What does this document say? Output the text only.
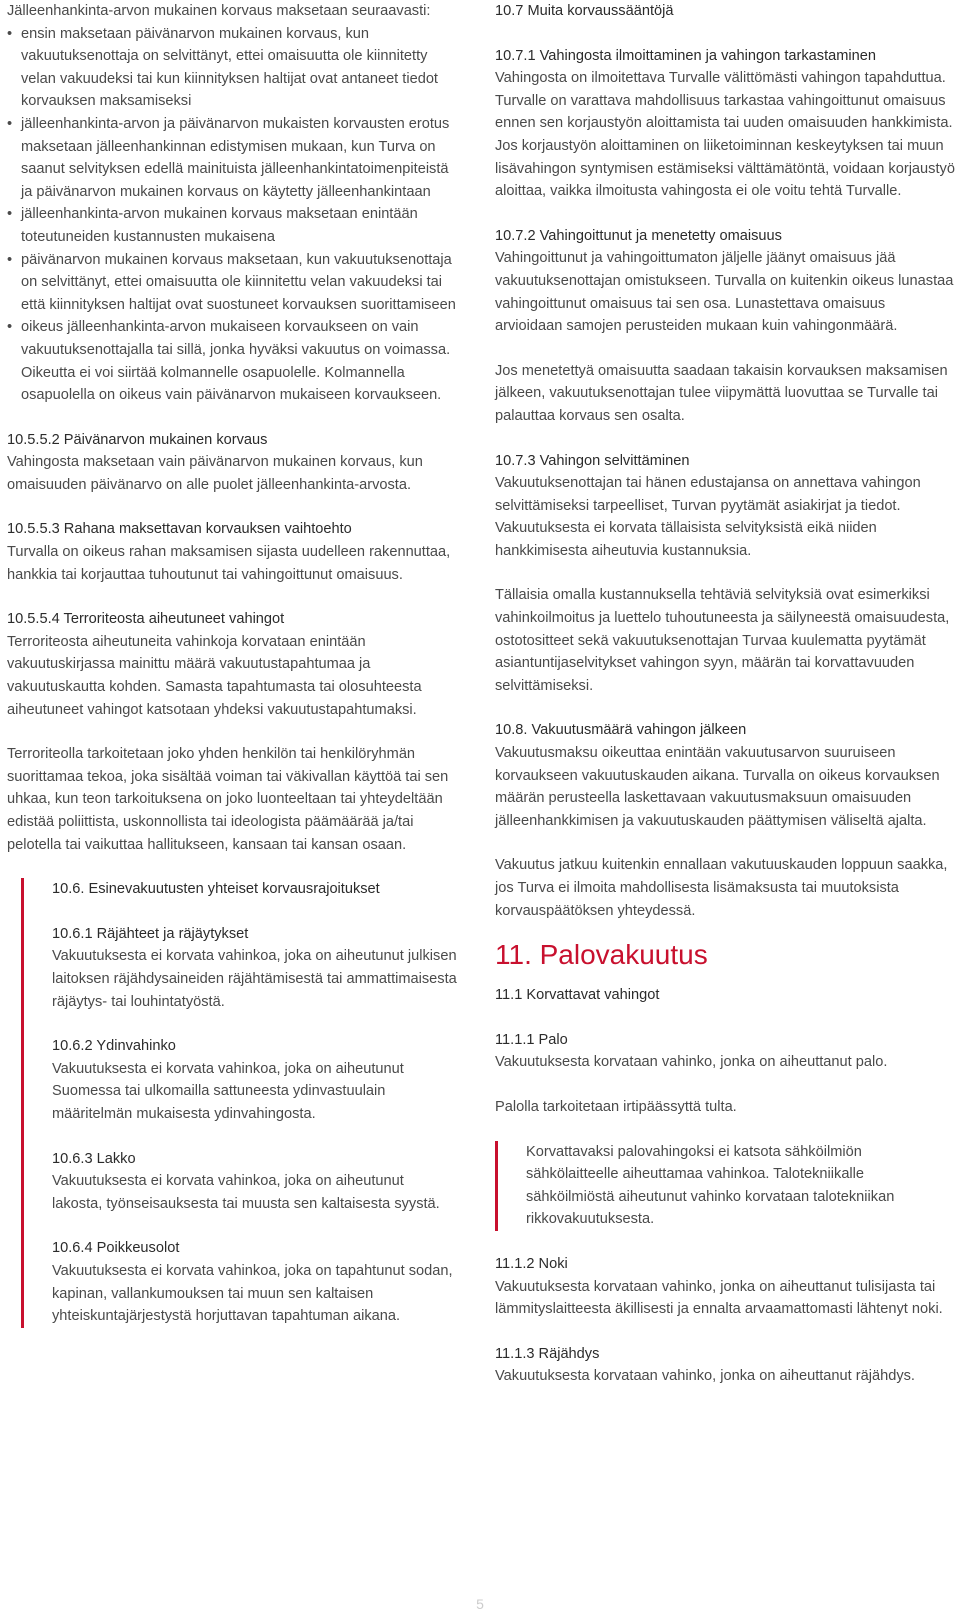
Jälleenhankinta-arvon mukainen korvaus maksetaan seuraavasti:

• ensin maksetaan päivänarvon mukainen korvaus, kun vakuutuksenottaja on selvittänyt, ettei omaisuutta ole kiinnitetty velan vakuudeksi tai kun kiinnityksen haltijat ovat antaneet tiedot korvauksen maksamiseksi
• jälleenhankinta-arvon ja päivänarvon mukaisten korvausten erotus maksetaan jälleenhankinnan edistymisen mukaan, kun Turva on saanut selvityksen edellä mainituista jälleenhankintatoimenpiteistä ja päivänarvon mukainen korvaus on käytetty jälleenhankintaan
• jälleenhankinta-arvon mukainen korvaus maksetaan enintään toteutuneiden kustannusten mukaisena
• päivänarvon mukainen korvaus maksetaan, kun vakuutuksenottaja on selvittänyt, ettei omaisuutta ole kiinnitettu velan vakuudeksi tai että kiinnityksen haltijat ovat suostuneet korvauksen suorittamiseen
• oikeus jälleenhankinta-arvon mukaiseen korvaukseen on vain vakuutuksenottajalla tai sillä, jonka hyväksi vakuutus on voimassa. Oikeutta ei voi siirtää kolmannelle osapuolelle. Kolmannella osapuolella on oikeus vain päivänarvon mukaiseen korvaukseen.

10.5.5.2 Päivänarvon mukainen korvaus

Vahingosta maksetaan vain päivänarvon mukainen korvaus, kun omaisuuden päivänarvo on alle puolet jälleenhankinta-arvosta.

10.5.5.3 Rahana maksettavan korvauksen vaihtoehto

Turvalla on oikeus rahan maksamisen sijasta uudelleen rakennuttaa, hankkia tai korjauttaa tuhoutunut tai vahingoittunut omaisuus.

10.5.5.4 Terroriteosta aiheutuneet vahingot

Terroriteosta aiheutuneita vahinkoja korvataan enintään vakuutuskirjassa mainittu määrä vakuutustapahtumaa ja vakuutuskautta kohden. Samasta tapahtumasta tai olosuhteesta aiheutuneet vahingot katsotaan yhdeksi vakuutustapahtumaksi.

Terroriteolla tarkoitetaan joko yhden henkilön tai henkilöryhmän suorittamaa tekoa, joka sisältää voiman tai väkivallan käyttöä tai sen uhkaa, kun teon tarkoituksena on joko luonteeltaan tai yhteydeltään edistää poliittista, uskonnollista tai ideologista päämäärää ja/tai pelotella tai vaikuttaa hallitukseen, kansaan tai kansan osaan.

10.6. Esinevakuutusten yhteiset korvausrajoitukset

10.6.1 Räjähteet ja räjäytykset

Vakuutuksesta ei korvata vahinkoa, joka on aiheutunut julkisen laitoksen räjähdysaineiden räjähtämisestä tai ammattimaisesta räjäytys- tai louhintatyöstä.

10.6.2 Ydinvahinko

Vakuutuksesta ei korvata vahinkoa, joka on aiheutunut Suomessa tai ulkomailla sattuneesta ydinvastuulain määritelmän mukaisesta ydinvahingosta.

10.6.3 Lakko

Vakuutuksesta ei korvata vahinkoa, joka on aiheutunut lakosta, työnseisauksesta tai muusta sen kaltaisesta syystä.

10.6.4 Poikkeusolot

Vakuutuksesta ei korvata vahinkoa, joka on tapahtunut sodan, kapinan, vallankumouksen tai muun sen kaltaisen yhteiskuntajärjestystä horjuttavan tapahtuman aikana.

10.7 Muita korvaussääntöjä

10.7.1 Vahingosta ilmoittaminen ja vahingon tarkastaminen

Vahingosta on ilmoitettava Turvalle välittömästi vahingon tapahduttua. Turvalle on varattava mahdollisuus tarkastaa vahingoittunut omaisuus ennen sen korjaustyön aloittamista tai uuden omaisuuden hankkimista. Jos korjaustyön aloittaminen on liiketoiminnan keskeytyksen tai muun lisävahingon syntymisen estämiseksi välttämätöntä, voidaan korjaustyö aloittaa, vaikka ilmoitusta vahingosta ei ole voitu tehtä Turvalle.

10.7.2 Vahingoittunut ja menetetty omaisuus

Vahingoittunut ja vahingoittumaton jäljelle jäänyt omaisuus jää vakuutuksenottajan omistukseen. Turvalla on kuitenkin oikeus lunastaa vahingoittunut omaisuus tai sen osa. Lunastettava omaisuus arvioidaan samojen perusteiden mukaan kuin vahingonmäärä.

Jos menetettyä omaisuutta saadaan takaisin korvauksen maksamisen jälkeen, vakuutuksenottajan tulee viipymättä luovuttaa se Turvalle tai palauttaa korvaus sen osalta.

10.7.3 Vahingon selvittäminen

Vakuutuksenottajan tai hänen edustajansa on annettava vahingon selvittämiseksi tarpeelliset, Turvan pyytämät asiakirjat ja tiedot. Vakuutuksesta ei korvata tällaisista selvityksistä eikä niiden hankkimisesta aiheutuvia kustannuksia.

Tällaisia omalla kustannuksella tehtäviä selvityksiä ovat esimerkiksi vahinkoilmoitus ja luettelo tuhoutuneesta ja säilyneestä omaisuudesta, ostotositteet sekä vakuutuksenottajan Turvaa kuulematta pyytämät asiantuntijaselvitykset vahingon syyn, määrän tai korvattavuuden selvittämiseksi.

10.8. Vakuutusmäärä vahingon jälkeen

Vakuutusmaksu oikeuttaa enintään vakuutusarvon suuruiseen korvaukseen vakuutuskauden aikana. Turvalla on oikeus korvauksen määrän perusteella laskettavaan vakuutusmaksuun omaisuuden jälleenhankkimisen ja vakuutuskauden päättymisen väliseltä ajalta.

Vakuutus jatkuu kuitenkin ennallaan vakutuuskauden loppuun saakka, jos Turva ei ilmoita mahdollisesta lisämaksusta tai muutoksista korvauspäätöksen yhteydessä.

11. Palovakuutus

11.1 Korvattavat vahingot

11.1.1 Palo

Vakuutuksesta korvataan vahinko, jonka on aiheuttanut palo.

Palolla tarkoitetaan irtipäässyttä tulta.

Korvattavaksi palovahingoksi ei katsota sähköilmiön sähkölaitteelle aiheuttamaa vahinkoa. Talotekniikalle sähköilmiöstä aiheutunut vahinko korvataan talotekniikan rikkovakuutuksesta.

11.1.2 Noki

Vakuutuksesta korvataan vahinko, jonka on aiheuttanut tulisijasta tai lämmityslaitteesta äkillisesti ja ennalta arvaamattomasti lähtenyt noki.

11.1.3 Räjähdys

Vakuutuksesta korvataan vahinko, jonka on aiheuttanut räjähdys.

5
